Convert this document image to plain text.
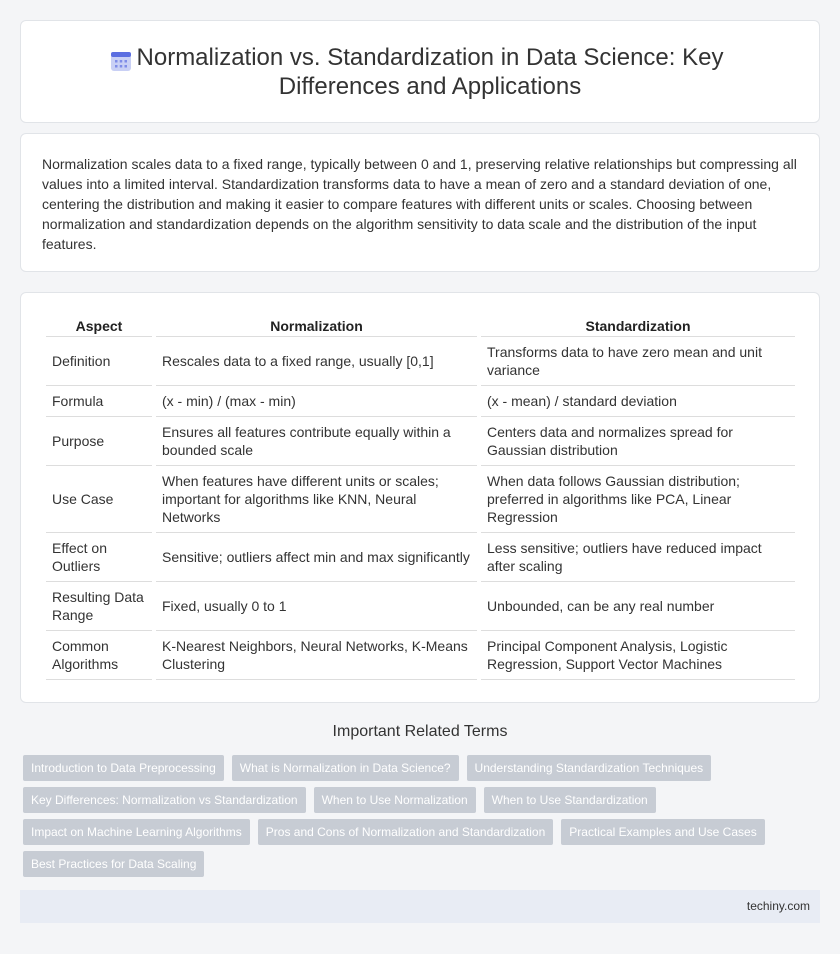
Normalization vs. Standardization in Data Science: Key Differences and Applications

Normalization scales data to a fixed range, typically between 0 and 1, preserving relative relationships but compressing all values into a limited interval. Standardization transforms data to have a mean of zero and a standard deviation of one, centering the distribution and making it easier to compare features with different units or scales. Choosing between normalization and standardization depends on the algorithm sensitivity to data scale and the distribution of the input features.

Aspect	Normalization	Standardization
Definition	Rescales data to a fixed range, usually [0,1]	Transforms data to have zero mean and unit variance
Formula	(x - min) / (max - min)	(x - mean) / standard deviation
Purpose	Ensures all features contribute equally within a bounded scale	Centers data and normalizes spread for Gaussian distribution
Use Case	When features have different units or scales; important for algorithms like KNN, Neural Networks	When data follows Gaussian distribution; preferred in algorithms like PCA, Linear Regression
Effect on Outliers	Sensitive; outliers affect min and max significantly	Less sensitive; outliers have reduced impact after scaling
Resulting Data Range	Fixed, usually 0 to 1	Unbounded, can be any real number
Common Algorithms	K-Nearest Neighbors, Neural Networks, K-Means Clustering	Principal Component Analysis, Logistic Regression, Support Vector Machines
Important Related Terms
Introduction to Data Preprocessing	What is Normalization in Data Science?	Understanding Standardization Techniques
Key Differences: Normalization vs Standardization	When to Use Normalization	When to Use Standardization
Impact on Machine Learning Algorithms	Pros and Cons of Normalization and Standardization	Practical Examples and Use Cases
Best Practices for Data Scaling
techiny.com
